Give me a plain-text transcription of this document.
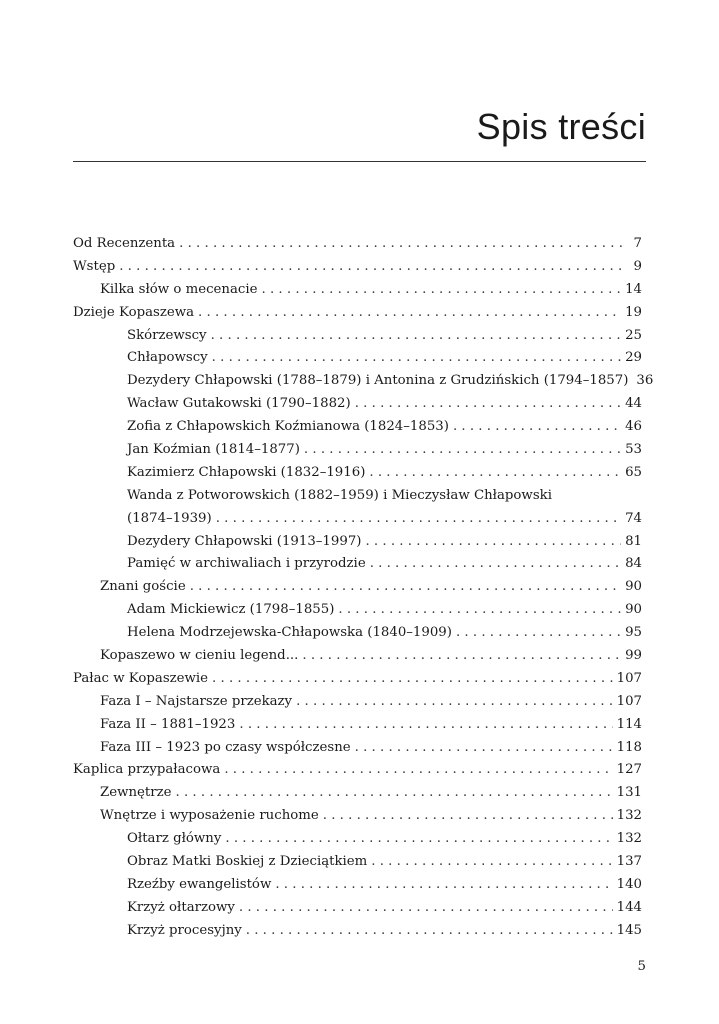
Spis treści
Od Recenzenta . . .	7
Wstęp . . .	9
Kilka słów o mecenacie . . .	14
Dzieje Kopaszewa . . .	19
Skórzewscy . . .	25
Chłapowscy . . .	29
Dezydery Chłapowski (1788–1879) i Antonina z Grudzińskich (1794–1857) 36
Wacław Gutakowski (1790–1882) . . .	44
Zofia z Chłapowskich Koźmianowa (1824–1853) . . .	46
Jan Koźmian (1814–1877) . . .	53
Kazimierz Chłapowski (1832–1916) . . .	65
Wanda z Potworowskich (1882–1959) i Mieczysław Chłapowski
(1874–1939) . . .	74
Dezydery Chłapowski (1913–1997) . . .	81
Pamięć w archiwaliach i przyrodzie . . .	84
Znani goście . . .	90
Adam Mickiewicz (1798–1855) . . .	90
Helena Modrzejewska-Chłapowska (1840–1909) . . .	95
Kopaszewo w cieniu legend... . . .	99
Pałac w Kopaszewie . . .	107
Faza I – Najstarsze przekazy . . .	107
Faza II – 1881–1923 . . .	114
Faza III – 1923 po czasy współczesne . . .	118
Kaplica przypałacowa . . .	127
Zewnętrze . . .	131
Wnętrze i wyposażenie ruchome . . .	132
Ołtarz główny . . .	132
Obraz Matki Boskiej z Dzieciątkiem . . .	137
Rzeźby ewangelistów . . .	140
Krzyż ołtarzowy . . .	144
Krzyż procesyjny . . .	145
5
